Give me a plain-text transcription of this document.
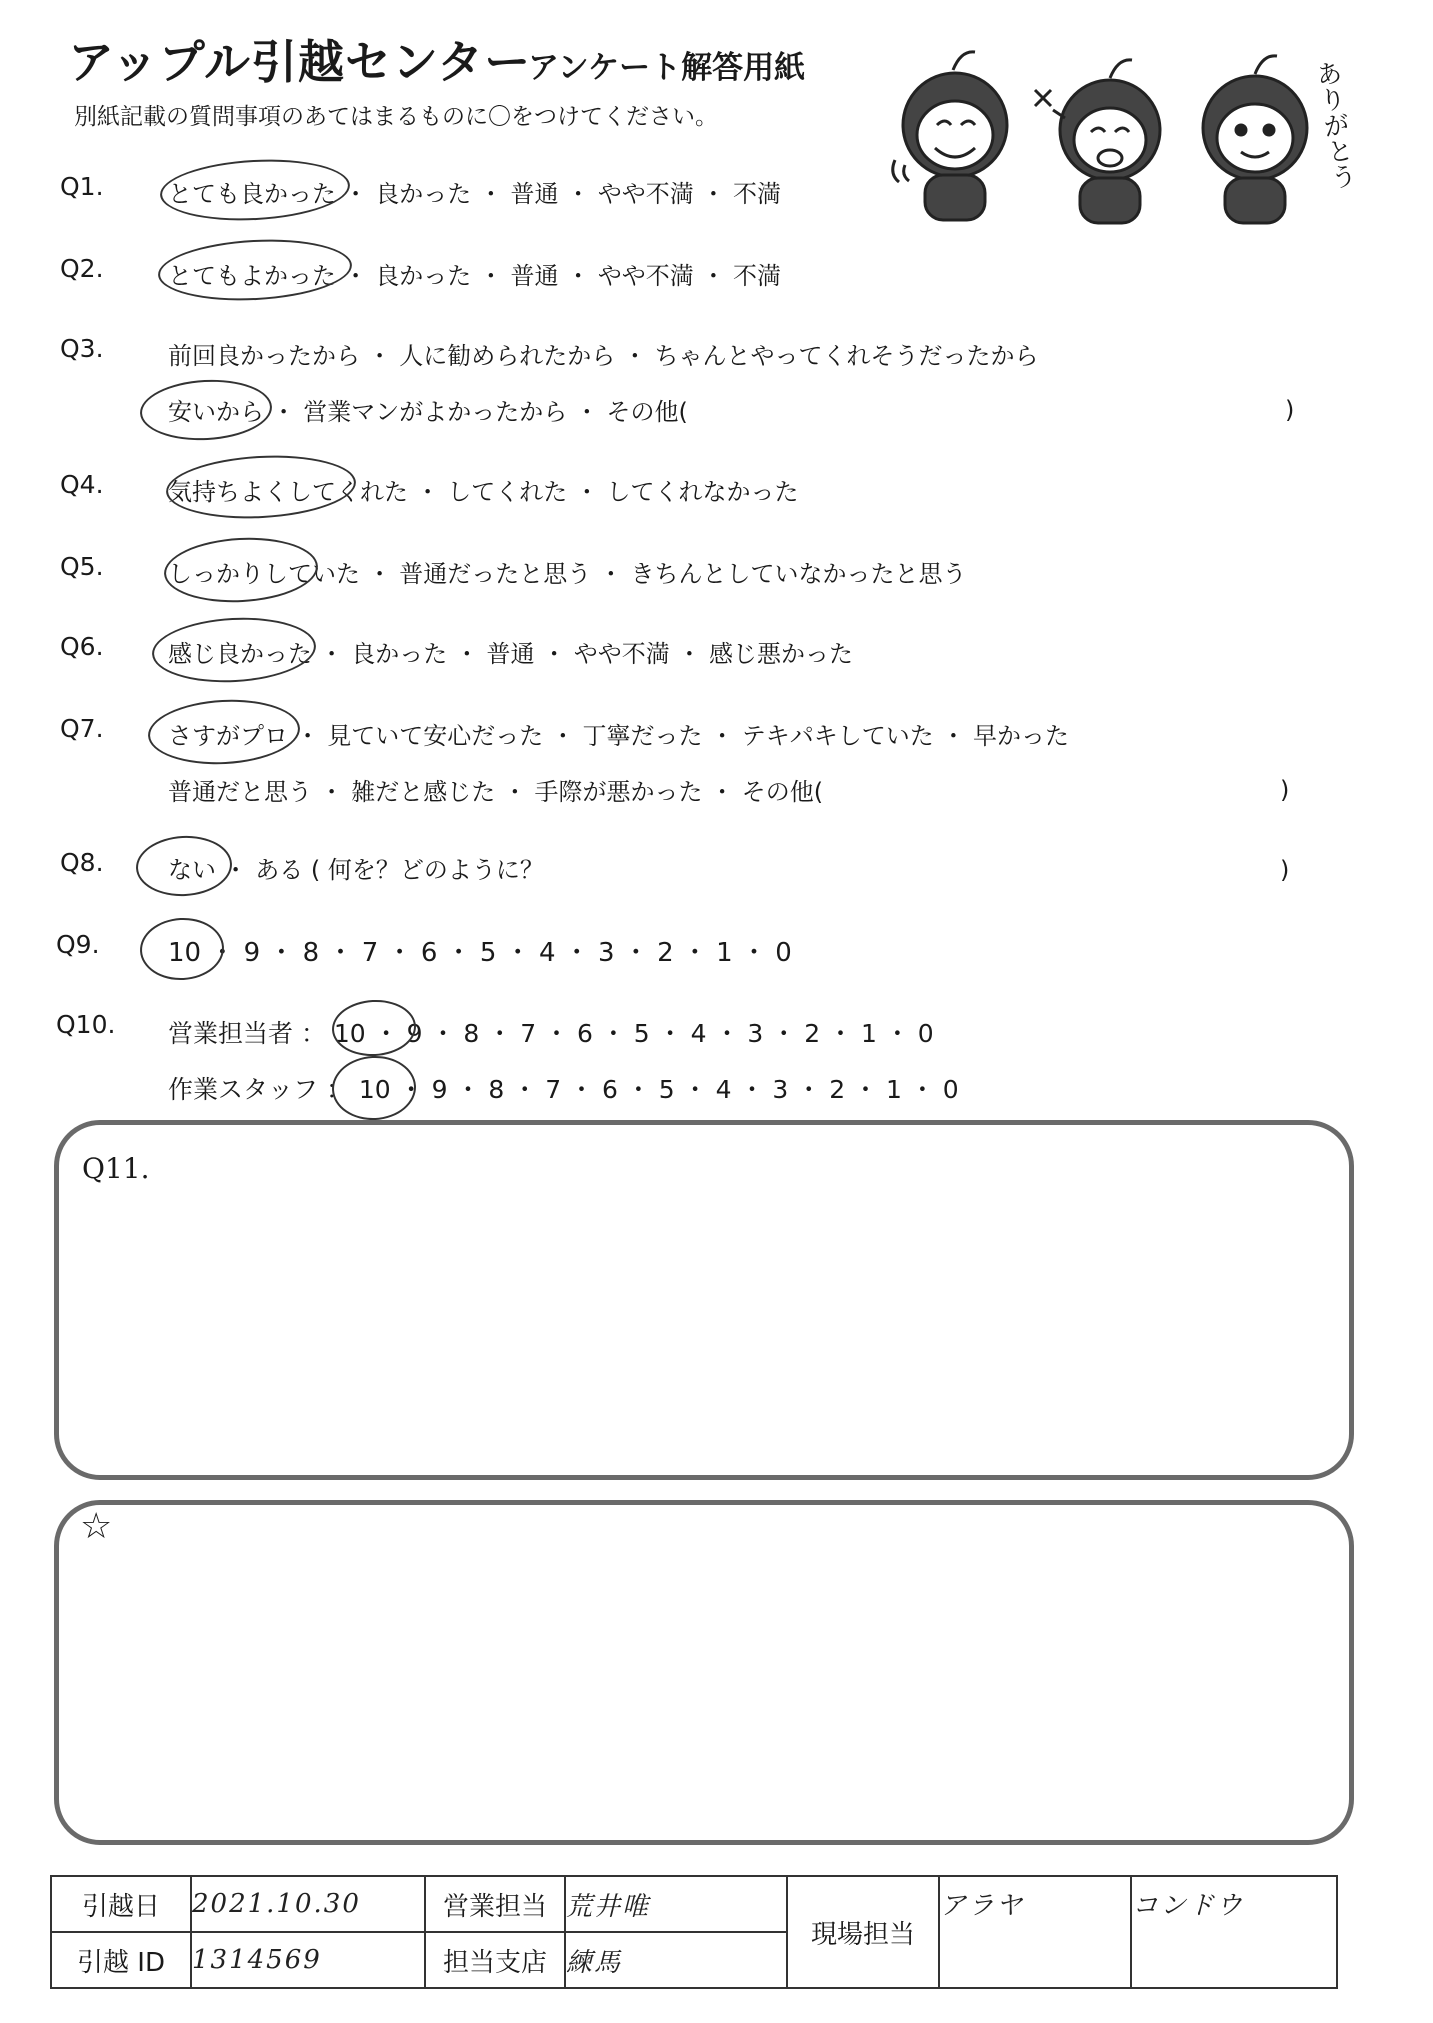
アップル引越センター
アンケート解答用紙
別紙記載の質問事項のあてはまるものに〇をつけてください。	ありがとう
Q1.	とても良かった ・ 良かった ・ 普通 ・ やや不満 ・ 不満
Q2.	とてもよかった ・ 良かった ・ 普通 ・ やや不満 ・ 不満
Q3.	前回良かったから ・ 人に勧められたから ・ ちゃんとやってくれそうだったから
安いから ・ 営業マンがよかったから ・ その他(	)
Q4.	気持ちよくしてくれた ・ してくれた ・ してくれなかった
Q5.	しっかりしていた ・ 普通だったと思う ・ きちんとしていなかったと思う
Q6.	感じ良かった ・ 良かった ・ 普通 ・ やや不満 ・ 感じ悪かった
Q7.	さすがプロ ・ 見ていて安心だった ・ 丁寧だった ・ テキパキしていた ・ 早かった
普通だと思う ・ 雑だと感じた ・ 手際が悪かった ・ その他(	)
Q8.	ない ・ ある ( 何を？どのように？	)
Q9.	10 ・ 9 ・ 8 ・ 7 ・ 6 ・ 5 ・ 4 ・ 3 ・ 2 ・ 1 ・ 0
Q10. 営業担当者 ： 10 ・ 9 ・ 8 ・ 7 ・ 6 ・ 5 ・ 4 ・ 3 ・ 2 ・ 1 ・ 0
作業スタッフ ： 10 ・ 9 ・ 8 ・ 7 ・ 6 ・ 5 ・ 4 ・ 3 ・ 2 ・ 1 ・ 0
Q11.
☆
引越日	2021.10.30	営業担当	荒井唯	現場担当	アラヤ	コンドウ
引越 ID	1314569	担当支店	練馬			
